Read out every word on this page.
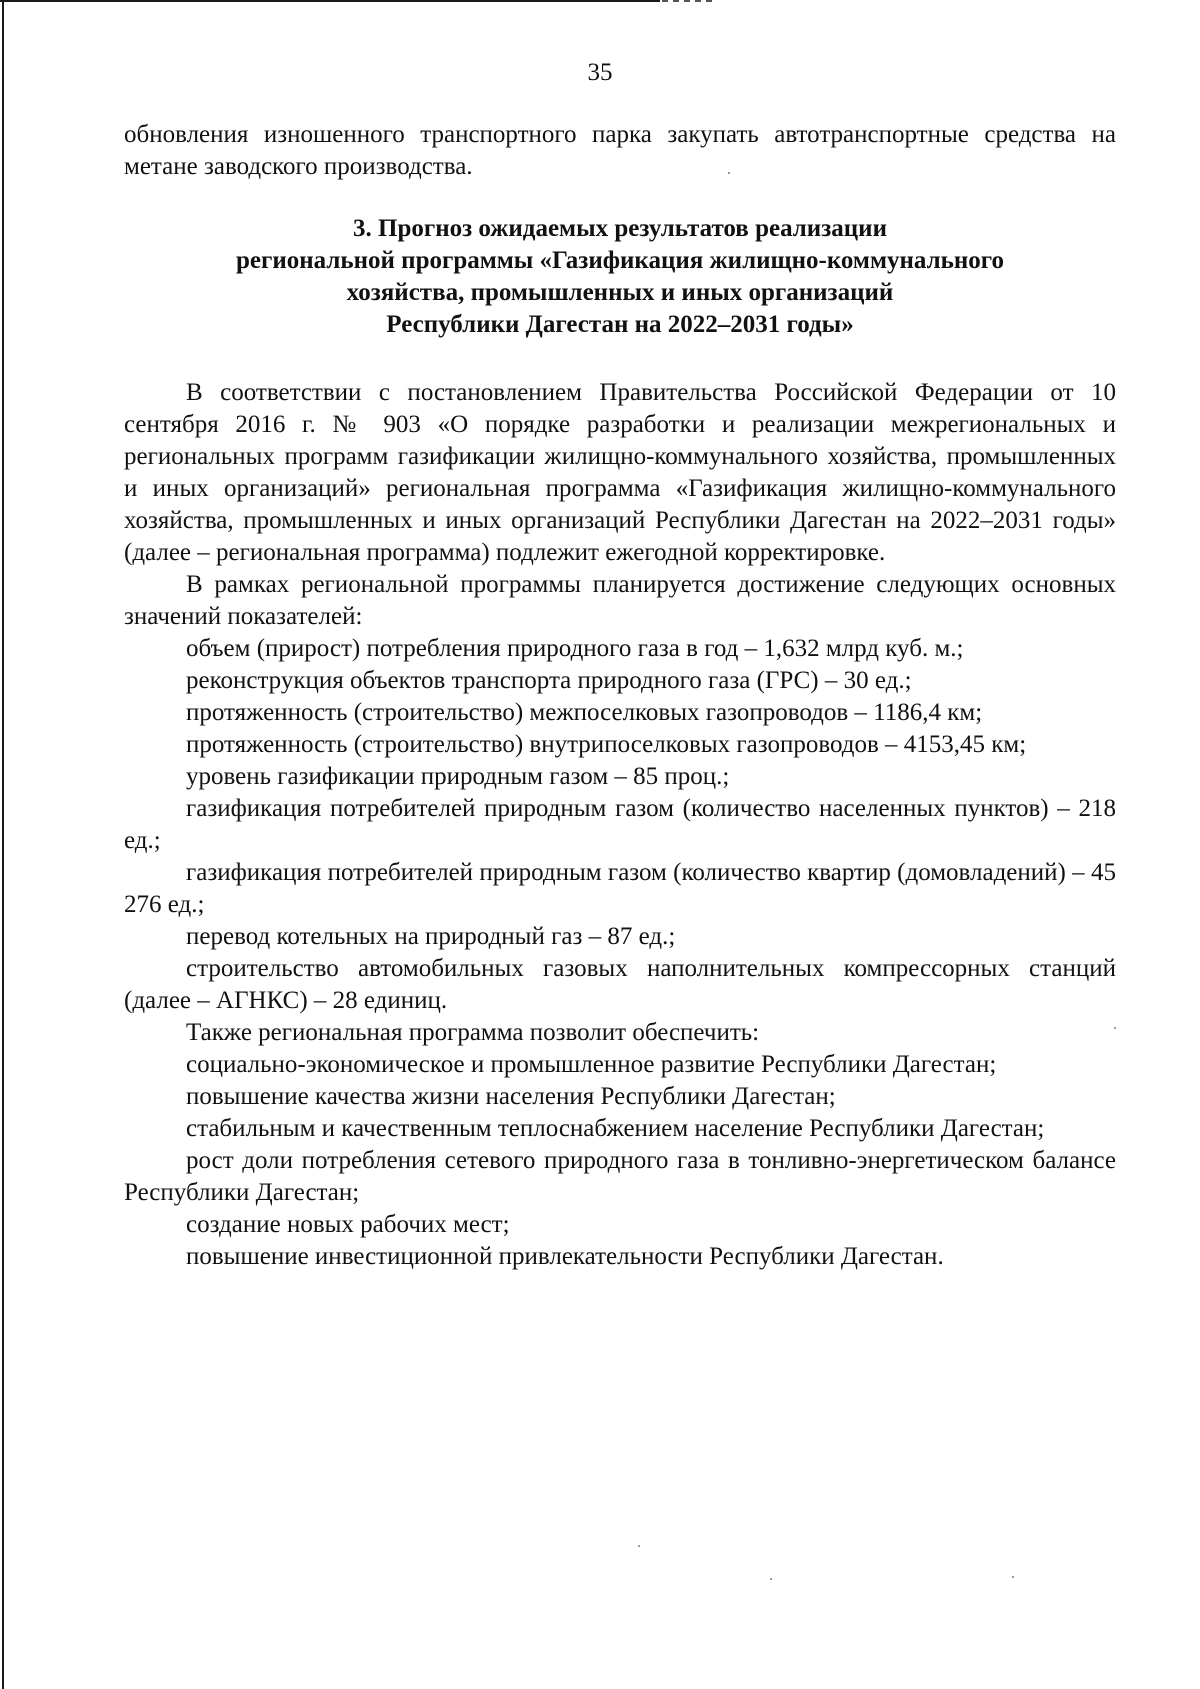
35

обновления изношенного транспортного парка закупать автотранспортные средства на метане заводского производства.

3. Прогноз ожидаемых результатов реализации
региональной программы «Газификация жилищно-коммунального
хозяйства, промышленных и иных организаций
Республики Дагестан на 2022–2031 годы»

В соответствии с постановлением Правительства Российской Федерации от 10 сентября 2016 г. № 903 «О порядке разработки и реализации межрегиональных и региональных программ газификации жилищно-коммунального хозяйства, промышленных и иных организаций» региональная программа «Газификация жилищно-коммунального хозяйства, промышленных и иных организаций Республики Дагестан на 2022–2031 годы» (далее – региональная программа) подлежит ежегодной корректировке.

В рамках региональной программы планируется достижение следующих основных значений показателей:

объем (прирост) потребления природного газа в год – 1,632 млрд куб. м.;

реконструкция объектов транспорта природного газа (ГРС) – 30 ед.;

протяженность (строительство) межпоселковых газопроводов – 1186,4 км;

протяженность (строительство) внутрипоселковых газопроводов – 4153,45 км;

уровень газификации природным газом – 85 проц.;

газификация потребителей природным газом (количество населенных пунктов) – 218 ед.;

газификация потребителей природным газом (количество квартир (домовладений) – 45 276 ед.;

перевод котельных на природный газ – 87 ед.;

строительство автомобильных газовых наполнительных компрессорных станций (далее – АГНКС) – 28 единиц.

Также региональная программа позволит обеспечить:

социально-экономическое и промышленное развитие Республики Дагестан;

повышение качества жизни населения Республики Дагестан;

стабильным и качественным теплоснабжением население Республики Дагестан;

рост доли потребления сетевого природного газа в тонливно-энергетическом балансе Республики Дагестан;

создание новых рабочих мест;

повышение инвестиционной привлекательности Республики Дагестан.
